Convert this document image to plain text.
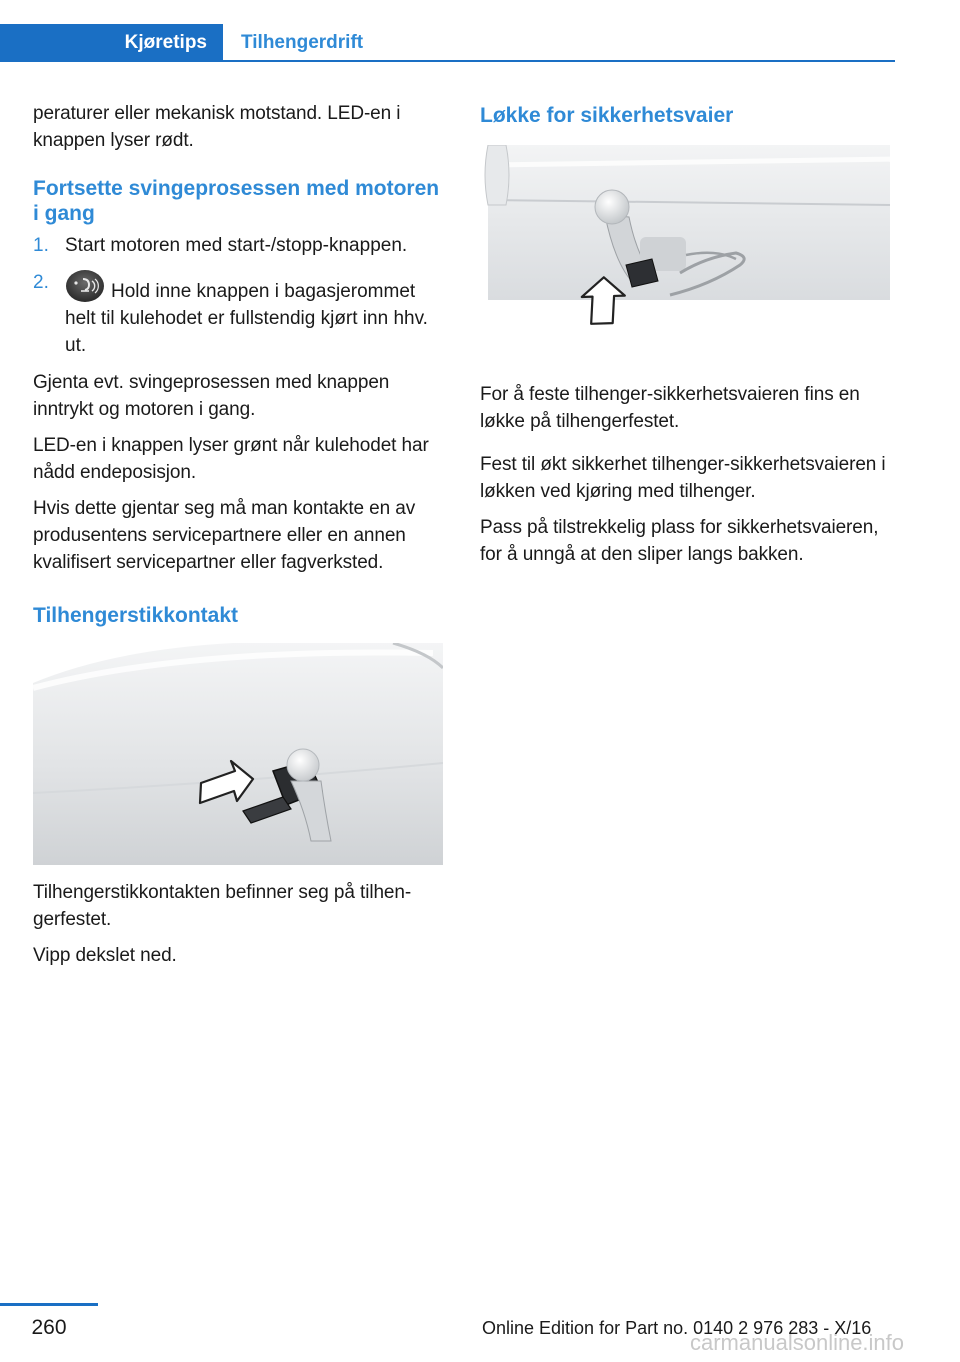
Kjøretips	Tilhengerdrift

peraturer eller mekanisk motstand. LED-en i knappen lyser rødt.

Fortsette svingeprosessen med motoren i gang
1. Start motoren med start-/stopp-knappen.
2.	Hold inne knappen i bagasjerommet helt til kulehodet er fullstendig kjørt inn hhv. ut.

Gjenta evt. svingeprosessen med knappen inntrykt og motoren i gang.

LED-en i knappen lyser grønt når kulehodet har nådd endeposisjon.

Hvis dette gjentar seg må man kontakte en av produsentens servicepartnere eller en annen kvalifisert servicepartner eller fagverksted.

Tilhengerstikkontakt

Tilhengerstikkontakten befinner seg på tilhengerfestet.

Vipp dekslet ned.

Løkke for sikkerhetsvaier

For å feste tilhenger-sikkerhetsvaieren fins en løkke på tilhengerfestet.

Fest til økt sikkerhet tilhenger-sikkerhetsvaieren i løkken ved kjøring med tilhenger.

Pass på tilstrekkelig plass for sikkerhetsvaieren, for å unngå at den sliper langs bakken.

260	Online Edition for Part no. 0140 2 976 283 - X/16
carmanualsonline.info
